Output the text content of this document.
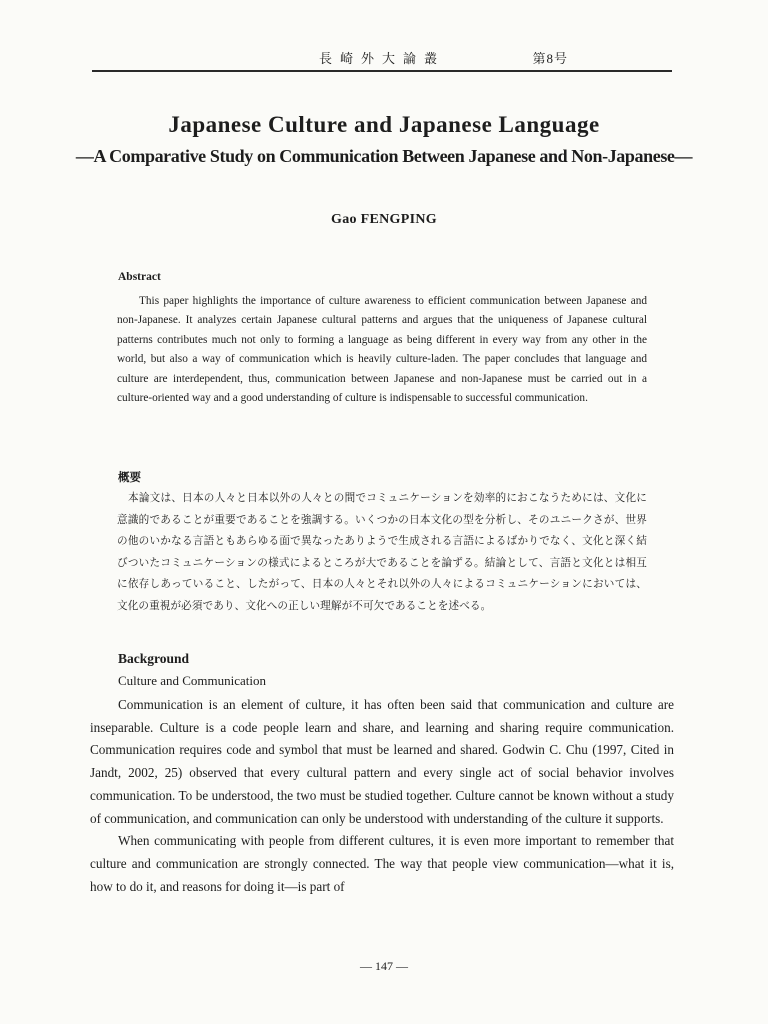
長崎外大論叢	第8号
Japanese Culture and Japanese Language
—A Comparative Study on Communication Between Japanese and Non-Japanese—
Gao FENGPING
Abstract
This paper highlights the importance of culture awareness to efficient communication between Japanese and non-Japanese. It analyzes certain Japanese cultural patterns and argues that the uniqueness of Japanese cultural patterns contributes much not only to forming a language as being different in every way from any other in the world, but also a way of communication which is heavily culture-laden. The paper concludes that language and culture are interdependent, thus, communication between Japanese and non-Japanese must be carried out in a culture-oriented way and a good understanding of culture is indispensable to successful communication.
概要
本論文は、日本の人々と日本以外の人々との間でコミュニケーションを効率的におこなうためには、文化に意識的であることが重要であることを強調する。いくつかの日本文化の型を分析し、そのユニークさが、世界の他のいかなる言語ともあらゆる面で異なったありようで生成される言語によるばかりでなく、文化と深く結びついたコミュニケーションの様式によるところが大であることを論ずる。結論として、言語と文化とは相互に依存しあっていること、したがって、日本の人々とそれ以外の人々によるコミュニケーションにおいては、文化の重視が必須であり、文化への正しい理解が不可欠であることを述べる。
Background
Culture and Communication

Communication is an element of culture, it has often been said that communication and culture are inseparable. Culture is a code people learn and share, and learning and sharing require communication. Communication requires code and symbol that must be learned and shared. Godwin C. Chu (1997, Cited in Jandt, 2002, 25) observed that every cultural pattern and every single act of social behavior involves communication. To be understood, the two must be studied together. Culture cannot be known without a study of communication, and communication can only be understood with understanding of the culture it supports.

When communicating with people from different cultures, it is even more important to remember that culture and communication are strongly connected. The way that people view communication—what it is, how to do it, and reasons for doing it—is part of

— 147 —
